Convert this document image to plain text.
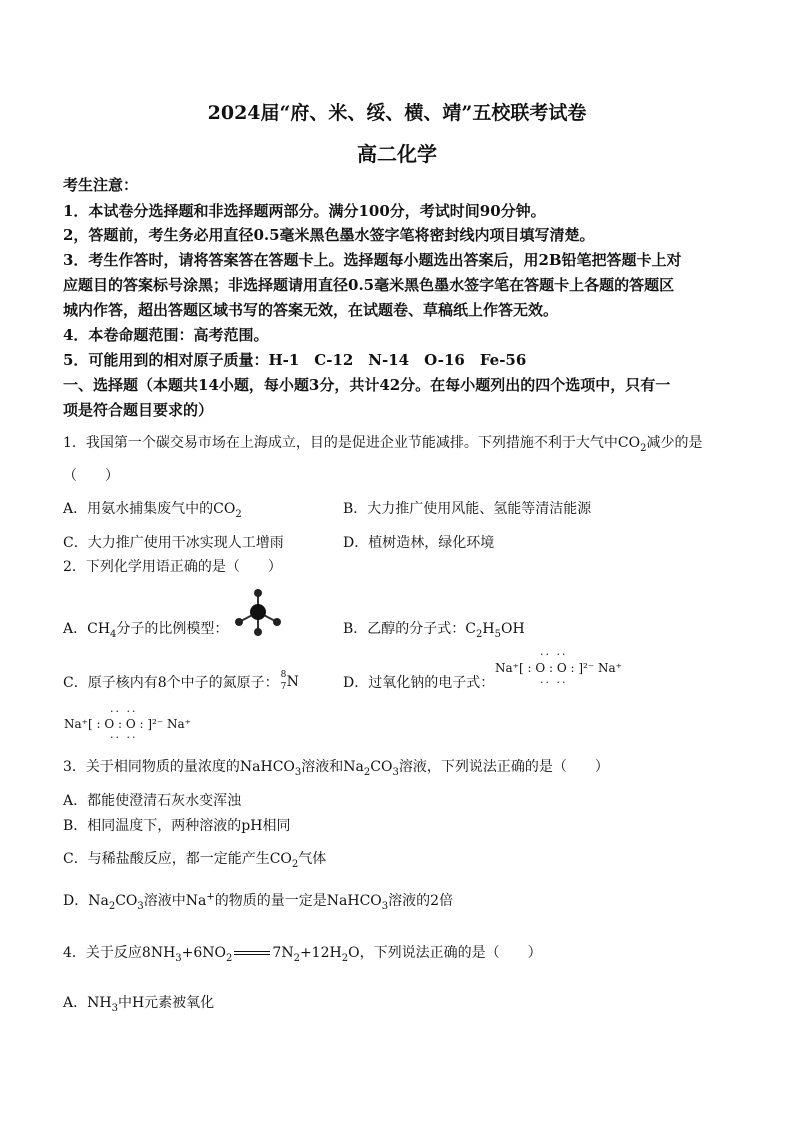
2024届“府、米、绥、横、靖”五校联考试卷
高二化学
考生注意：
1．本试卷分选择题和非选择题两部分。满分100分，考试时间90分钟。
2，答题前，考生务必用直径0.5毫米黑色墨水签字笔将密封线内项目填写清楚。
3．考生作答时，请将答案答在答题卡上。选择题每小题选出答案后，用2B铅笔把答题卡上对
应题目的答案标号涂黑；非选择题请用直径0.5毫米黑色墨水签字笔在答题卡上各题的答题区
城内作答，超出答题区域书写的答案无效，在试题卷、草稿纸上作答无效。
4．本卷命题范围：高考范围。
5．可能用到的相对原子质量：H-1　C-12　N-14　O-16　Fe-56
一、选择题（本题共14小题，每小题3分，共计42分。在每小题列出的四个选项中，只有一
项是符合题目要求的）
1．我国第一个碳交易市场在上海成立，目的是促进企业节能减排。下列措施不利于大气中$CO_2$减少的是
（　　）
A．用氨水捕集废气中的$CO_2$	B．大力推广使用风能、氢能等清洁能源
C．大力推广使用干冰实现人工增雨	D．植树造林，绿化环境
2．下列化学用语正确的是（　　）
A．$CH_4$分子的比例模型：	B．乙醇的分子式：$C_2H_5OH$
C．原子核内有8个中子的氮原子： 8
7 N	D．过氧化钠的电子式：
·· ··
Na⁺[ : O : O : ]²⁻ Na⁺
·· ··
·· ··
Na⁺[ : O : O : ]²⁻ Na⁺
·· ··
3．关于相同物质的量浓度的NaHCO$_3$溶液和$Na_2CO_3$溶液，下列说法正确的是（　　）
A．都能使澄清石灰水变浑浊
B．相同温度下，两种溶液的pH相同
C．与稀盐酸反应，都一定能产生$CO_2$气体
D．$Na_2CO_3$溶液中Na+的物质的量一定是NaHCO$_3$溶液的2倍
4．关于反应$8NH_3+6NO_2$	$7N_2+12H_2O$，下列说法正确的是（　　）
A．$NH_3$中H元素被氧化
